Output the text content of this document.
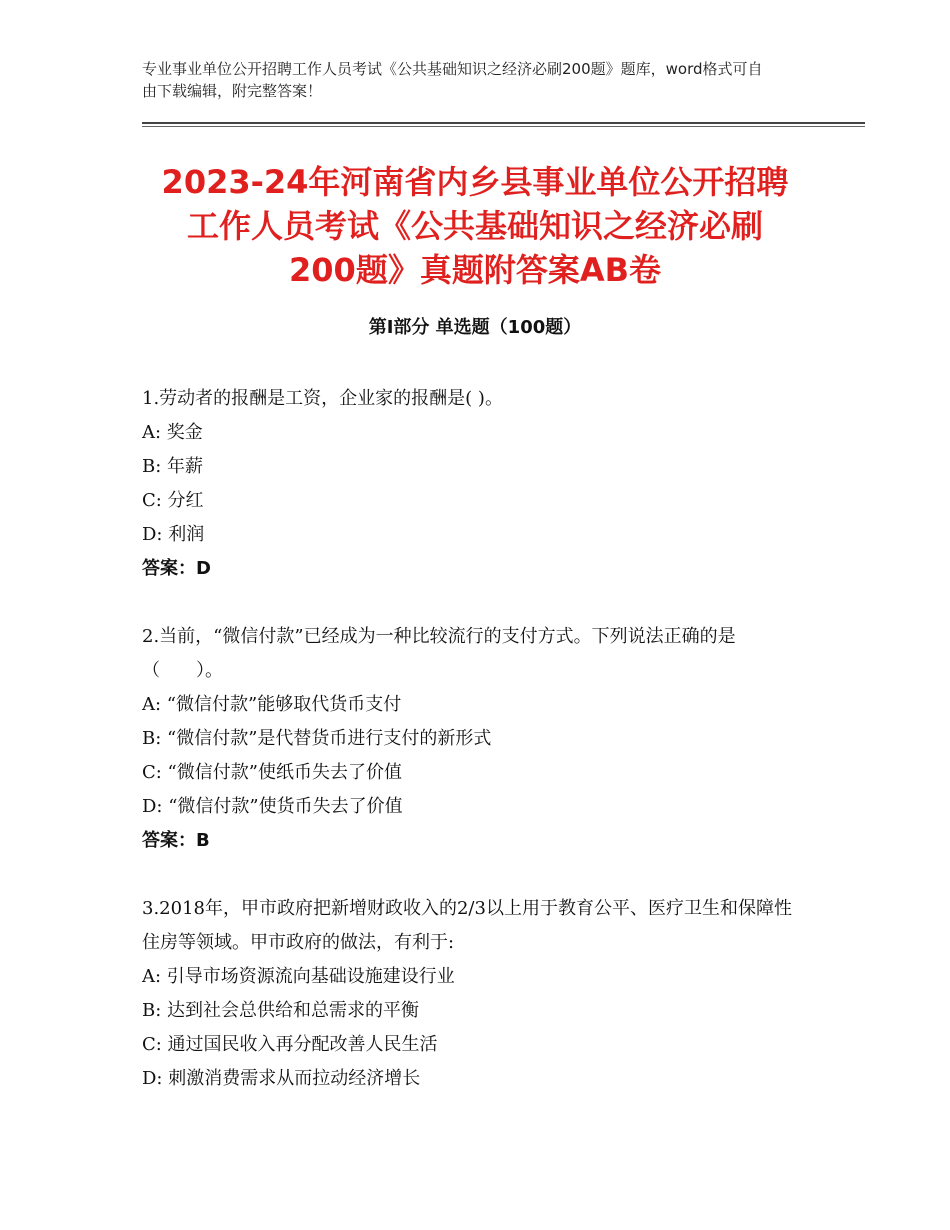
专业事业单位公开招聘工作人员考试《公共基础知识之经济必刷200题》题库，word格式可自由下载编辑，附完整答案！
2023-24年河南省内乡县事业单位公开招聘
工作人员考试《公共基础知识之经济必刷
200题》真题附答案AB卷
第Ⅰ部分 单选题（100题）

1.劳动者的报酬是工资，企业家的报酬是( )。

A: 奖金

B: 年薪

C: 分红

D: 利润

答案：D

2.当前，“微信付款”已经成为一种比较流行的支付方式。下列说法正确的是（　　）。

A: “微信付款”能够取代货币支付

B: “微信付款”是代替货币进行支付的新形式

C: “微信付款”使纸币失去了价值

D: “微信付款”使货币失去了价值

答案：B

3.2018年，甲市政府把新增财政收入的2/3以上用于教育公平、医疗卫生和保障性住房等领域。甲市政府的做法，有利于:

A: 引导市场资源流向基础设施建设行业

B: 达到社会总供给和总需求的平衡

C: 通过国民收入再分配改善人民生活

D: 刺激消费需求从而拉动经济增长
